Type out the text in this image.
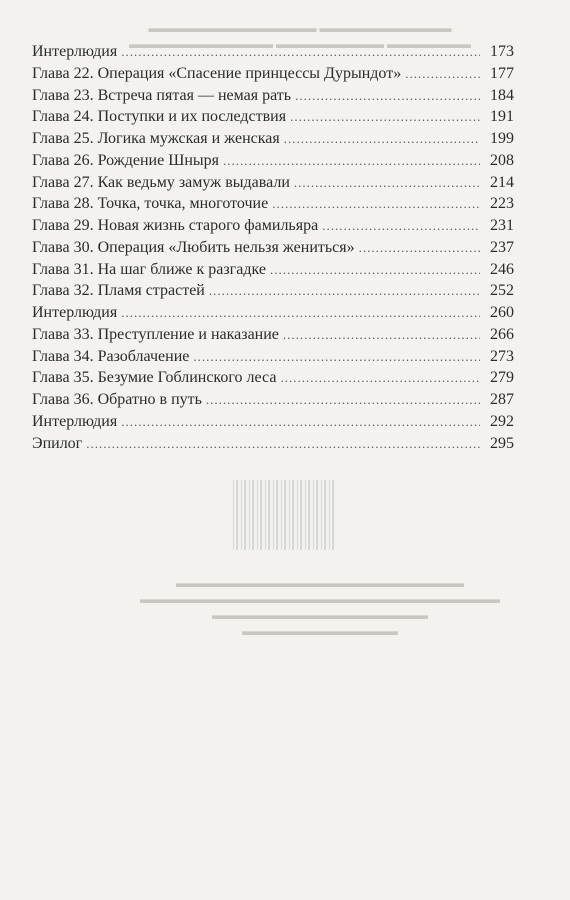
▬▬▬▬▬▬▬▬▬▬▬ ▬▬▬▬▬▬▬▬▬▬▬▬▬▬
▬▬▬▬▬▬▬ ▬▬▬▬▬▬▬▬▬ ▬▬▬▬▬▬▬▬▬▬▬▬
▬▬▬▬▬▬▬▬▬▬▬▬▬▬▬▬▬▬▬▬▬▬▬▬
▬▬▬▬▬▬▬▬▬▬▬▬▬▬▬▬▬▬▬▬▬▬▬▬▬▬▬▬▬▬
▬▬▬▬▬▬▬▬▬▬▬▬▬▬▬▬▬▬
▬▬▬▬▬▬▬▬▬▬▬▬▬
Интерлюдия .....	173
Глава 22. Операция «Спасение принцессы Дурындот» .....	177
Глава 23. Встреча пятая — немая рать .....	184
Глава 24. Поступки и их последствия .....	191
Глава 25. Логика мужская и женская .....	199
Глава 26. Рождение Шныря .....	208
Глава 27. Как ведьму замуж выдавали .....	214
Глава 28. Точка, точка, многоточие .....	223
Глава 29. Новая жизнь старого фамильяра .....	231
Глава 30. Операция «Любить нельзя жениться» .....	237
Глава 31. На шаг ближе к разгадке .....	246
Глава 32. Пламя страстей .....	252
Интерлюдия .....	260
Глава 33. Преступление и наказание .....	266
Глава 34. Разоблачение .....	273
Глава 35. Безумие Гоблинского леса .....	279
Глава 36. Обратно в путь .....	287
Интерлюдия .....	292
Эпилог .....	295
